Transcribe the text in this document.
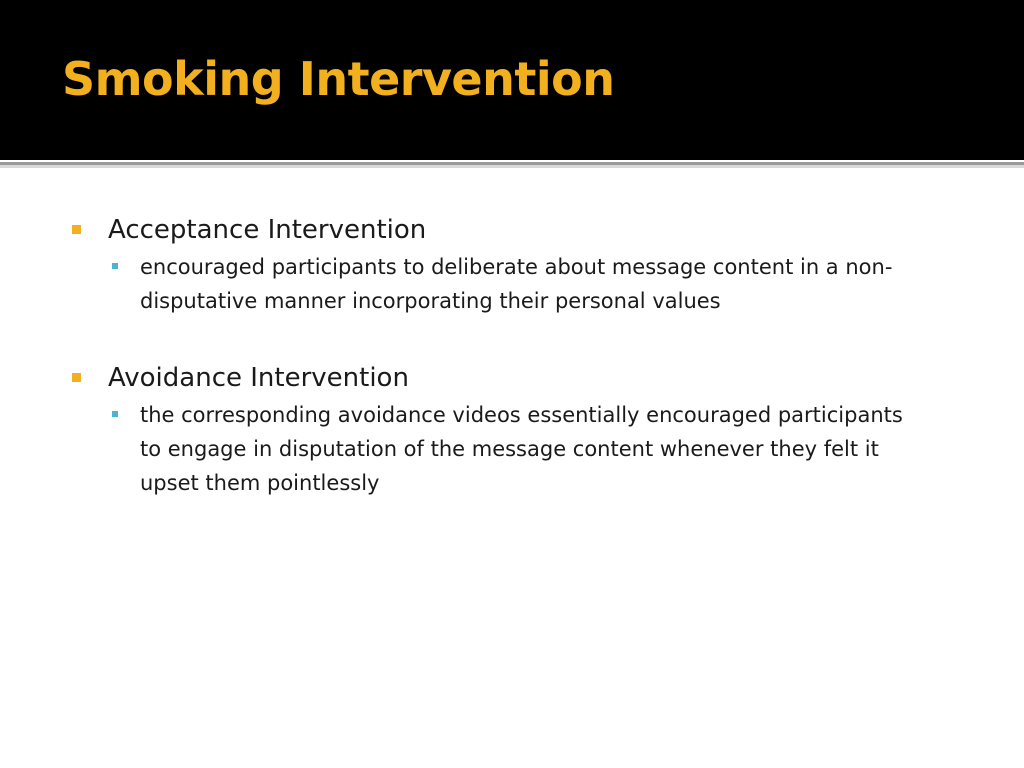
Smoking Intervention
Acceptance Intervention
encouraged participants to deliberate about message content in a non-disputative manner incorporating their personal values
Avoidance Intervention
the corresponding avoidance videos essentially encouraged participants to engage in disputation of the message content whenever they felt it upset them pointlessly
